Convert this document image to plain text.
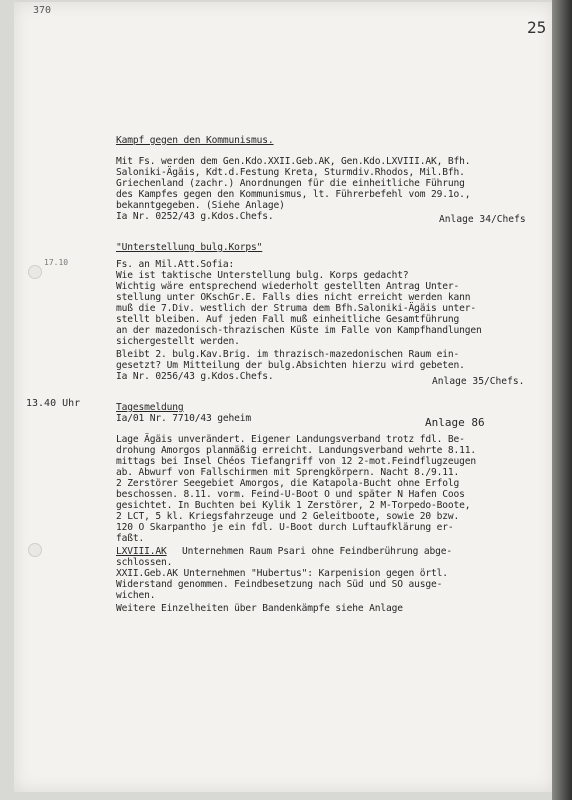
370
25
17.10
13.40 Uhr
Kampf gegen den Kommunismus.
Mit Fs. werden dem Gen.Kdo.XXII.Geb.AK, Gen.Kdo.LXVIII.AK, Bfh.
Saloniki-Ägäis, Kdt.d.Festung Kreta, Sturmdiv.Rhodos, Mil.Bfh.
Griechenland (zachr.) Anordnungen für die einheitliche Führung
des Kampfes gegen den Kommunismus, lt. Führerbefehl vom 29.1o.,
bekanntgegeben. (Siehe Anlage)
Ia Nr. 0252/43 g.Kdos.Chefs.	Anlage 34/Chefs
"Unterstellung bulg.Korps"
Fs. an Mil.Att.Sofia:
Wie ist taktische Unterstellung bulg. Korps gedacht?
Wichtig wäre entsprechend wiederholt gestellten Antrag Unter-
stellung unter OKschGr.E. Falls dies nicht erreicht werden kann
muß die 7.Div. westlich der Struma dem Bfh.Saloniki-Ägäis unter-
stellt bleiben. Auf jeden Fall muß einheitliche Gesamtführung
an der mazedonisch-thrazischen Küste im Falle von Kampfhandlungen
sichergestellt werden.
Bleibt 2. bulg.Kav.Brig. im thrazisch-mazedonischen Raum ein-
gesetzt? Um Mitteilung der bulg.Absichten hierzu wird gebeten.
Ia Nr. 0256/43 g.Kdos.Chefs.	Anlage 35/Chefs.
Tagesmeldung
Ia/01 Nr. 7710/43 geheim	Anlage 86
Lage Ägäis unverändert. Eigener Landungsverband trotz fdl. Be-
drohung Amorgos planmäßig erreicht. Landungsverband wehrte 8.11.
mittags bei Insel Chéos Tiefangriff von 12 2-mot.Feindflugzeugen
ab. Abwurf von Fallschirmen mit Sprengkörpern. Nacht 8./9.11.
2 Zerstörer Seegebiet Amorgos, die Katapola-Bucht ohne Erfolg
beschossen. 8.11. vorm. Feind-U-Boot O und später N Hafen Coos
gesichtet. In Buchten bei Kylik 1 Zerstörer, 2 M-Torpedo-Boote,
2 LCT, 5 kl. Kriegsfahrzeuge und 2 Geleitboote, sowie 20 bzw.
120 O Skarpantho je ein fdl. U-Boot durch Luftaufklärung er-
faßt.
LXVIII.AK Unternehmen Raum Psari ohne Feindberührung abge-
schlossen.
XXII.Geb.AK Unternehmen "Hubertus": Karpenision gegen örtl.
Widerstand genommen. Feindbesetzung nach Süd und SO ausge-
wichen.
Weitere Einzelheiten über Bandenkämpfe siehe Anlage
